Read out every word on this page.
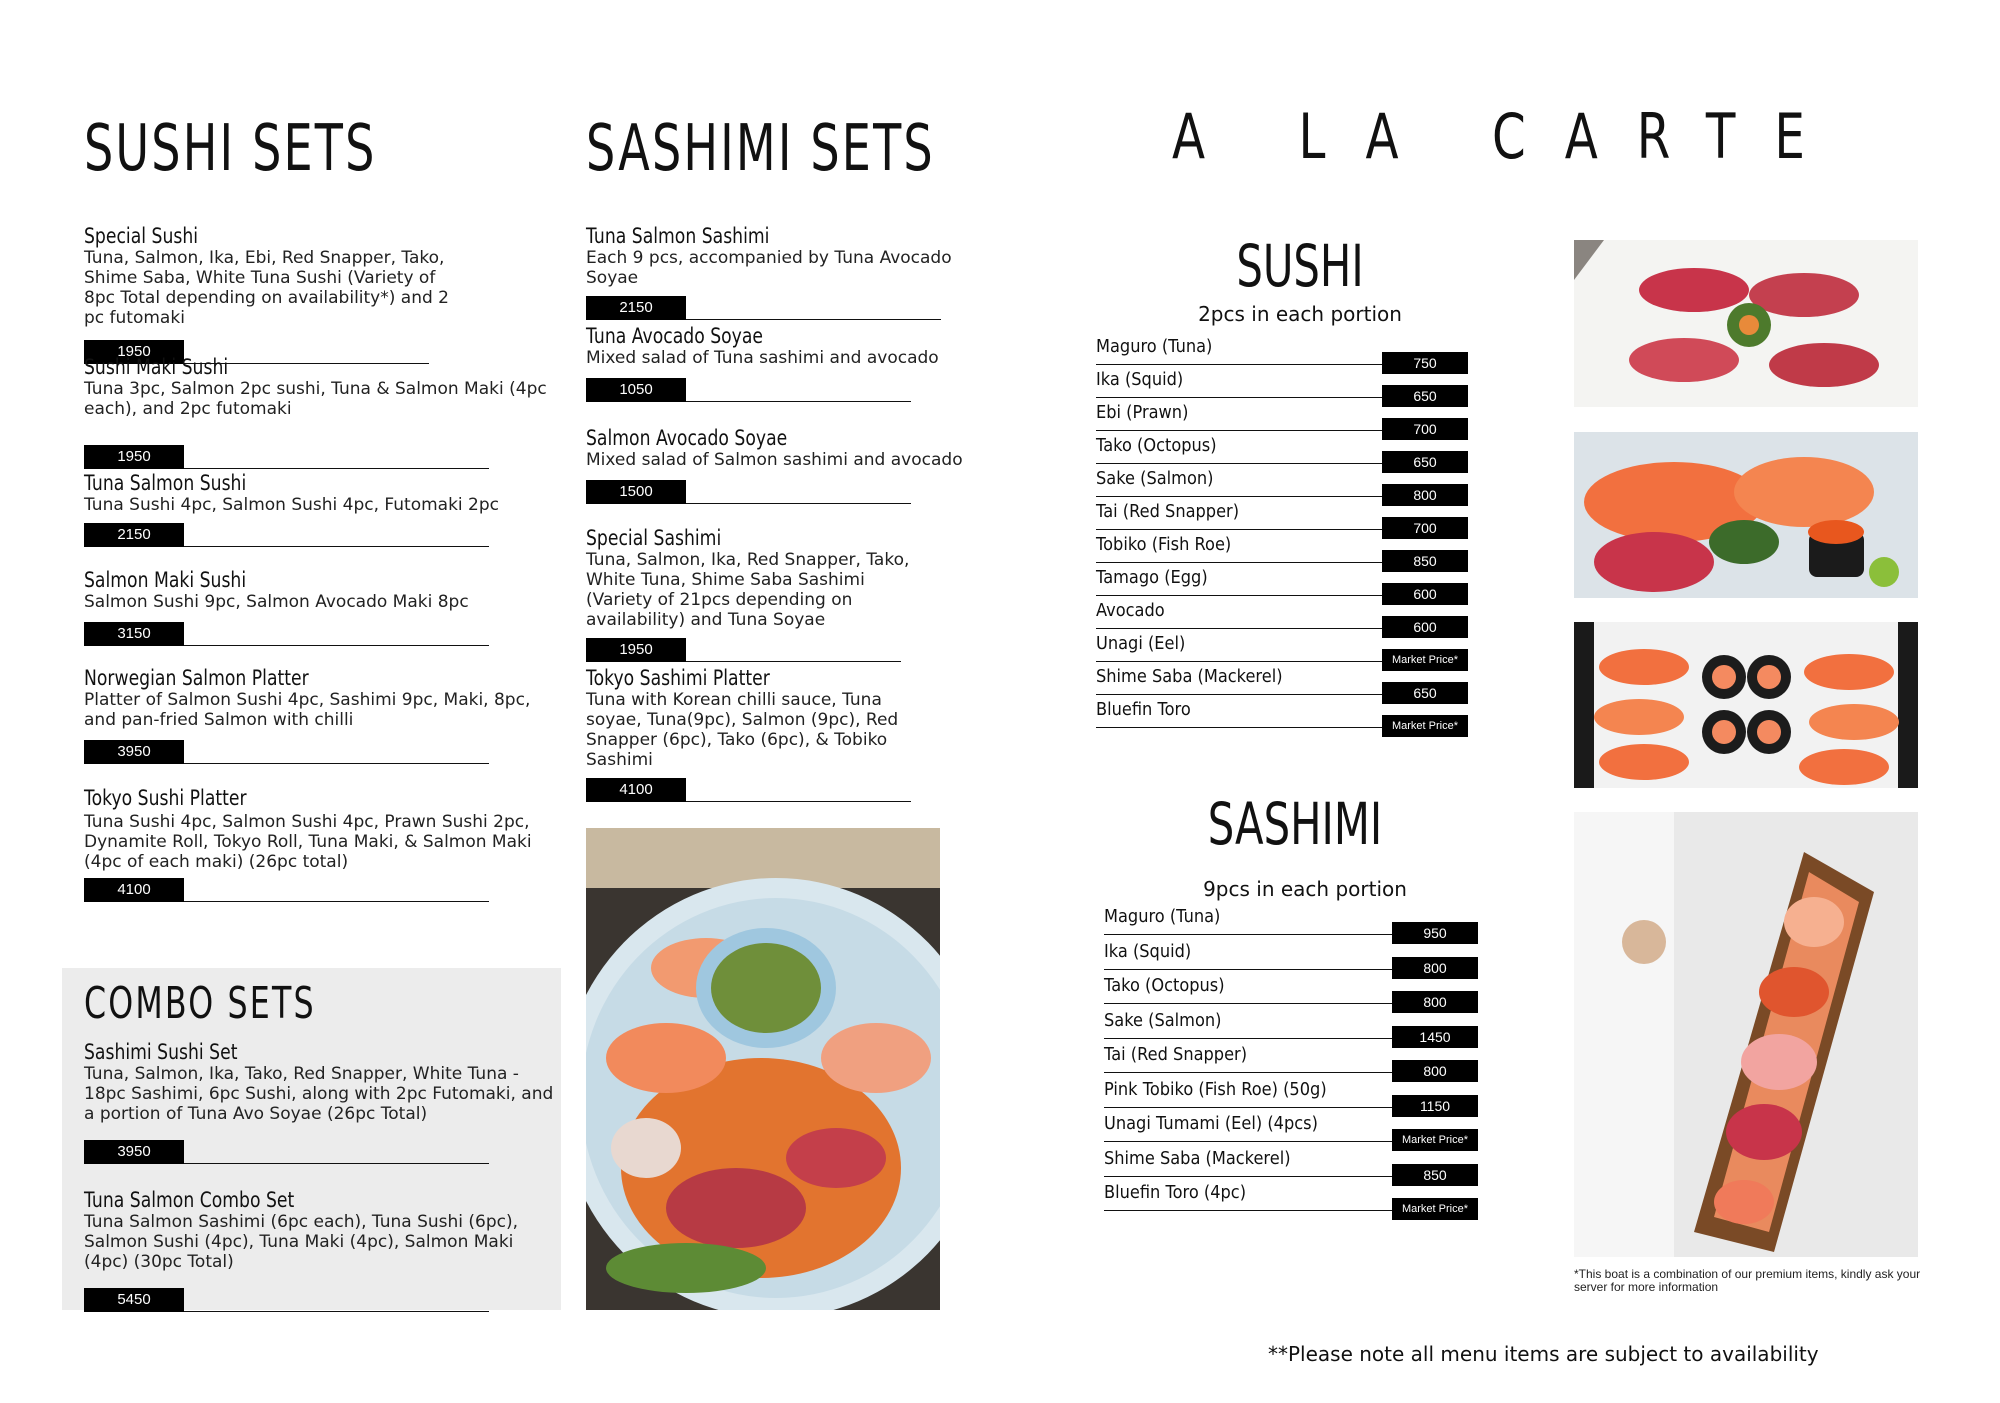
SUSHI SETS
Special Sushi
Tuna, Salmon, Ika, Ebi, Red Snapper, Tako, Shime Saba, White Tuna Sushi (Variety of 8pc Total depending on availability*) and 2 pc futomaki
1950
Sushi Maki Sushi
Tuna 3pc, Salmon 2pc sushi, Tuna & Salmon Maki (4pc each), and 2pc futomaki
1950
Tuna Salmon Sushi
Tuna Sushi 4pc, Salmon Sushi 4pc, Futomaki 2pc
2150
Salmon Maki Sushi
Salmon Sushi 9pc, Salmon Avocado Maki 8pc
3150
Norwegian Salmon Platter
Platter of Salmon Sushi 4pc, Sashimi 9pc, Maki, 8pc, and pan-fried Salmon with chilli
3950
Tokyo Sushi Platter
Tuna Sushi 4pc, Salmon Sushi 4pc, Prawn Sushi 2pc, Dynamite Roll, Tokyo Roll, Tuna Maki, & Salmon Maki (4pc of each maki) (26pc total)
4100
COMBO SETS
Sashimi Sushi Set
Tuna, Salmon, Ika, Tako, Red Snapper, White Tuna - 18pc Sashimi, 6pc Sushi, along with 2pc Futomaki, and a portion of Tuna Avo Soyae (26pc Total)
3950
Tuna Salmon Combo Set
Tuna Salmon Sashimi (6pc each), Tuna Sushi (6pc), Salmon Sushi (4pc), Tuna Maki (4pc), Salmon Maki (4pc) (30pc Total)
5450
SASHIMI SETS
Tuna Salmon Sashimi
Each 9 pcs, accompanied by Tuna Avocado Soyae
2150
Tuna Avocado Soyae
Mixed salad of Tuna sashimi and avocado
1050
Salmon Avocado Soyae
Mixed salad of Salmon sashimi and avocado
1500
Special Sashimi
Tuna, Salmon, Ika, Red Snapper, Tako, White Tuna, Shime Saba Sashimi (Variety of 21pcs depending on availability) and Tuna Soyae
1950
Tokyo Sashimi Platter
Tuna with Korean chilli sauce, Tuna soyae, Tuna(9pc), Salmon (9pc), Red Snapper (6pc), Tako (6pc), & Tobiko Sashimi
4100
A LA CARTE
SUSHI
2pcs in each portion
Maguro (Tuna)
750
Ika (Squid)
650
Ebi (Prawn)
700
Tako (Octopus)
650
Sake (Salmon)
800
Tai (Red Snapper)
700
Tobiko (Fish Roe)
850
Tamago (Egg)
600
Avocado
600
Unagi (Eel)
Market Price*
Shime Saba (Mackerel)
650
Bluefin Toro
Market Price*
SASHIMI
9pcs in each portion
Maguro (Tuna)
950
Ika (Squid)
800
Tako (Octopus)
800
Sake (Salmon)
1450
Tai (Red Snapper)
800
Pink Tobiko (Fish Roe) (50g)
1150
Unagi Tumami (Eel) (4pcs)
Market Price*
Shime Saba (Mackerel)
850
Bluefin Toro (4pc)
Market Price*
*This boat is a combination of our premium items, kindly ask your server for more information
**Please note all menu items are subject to availability
